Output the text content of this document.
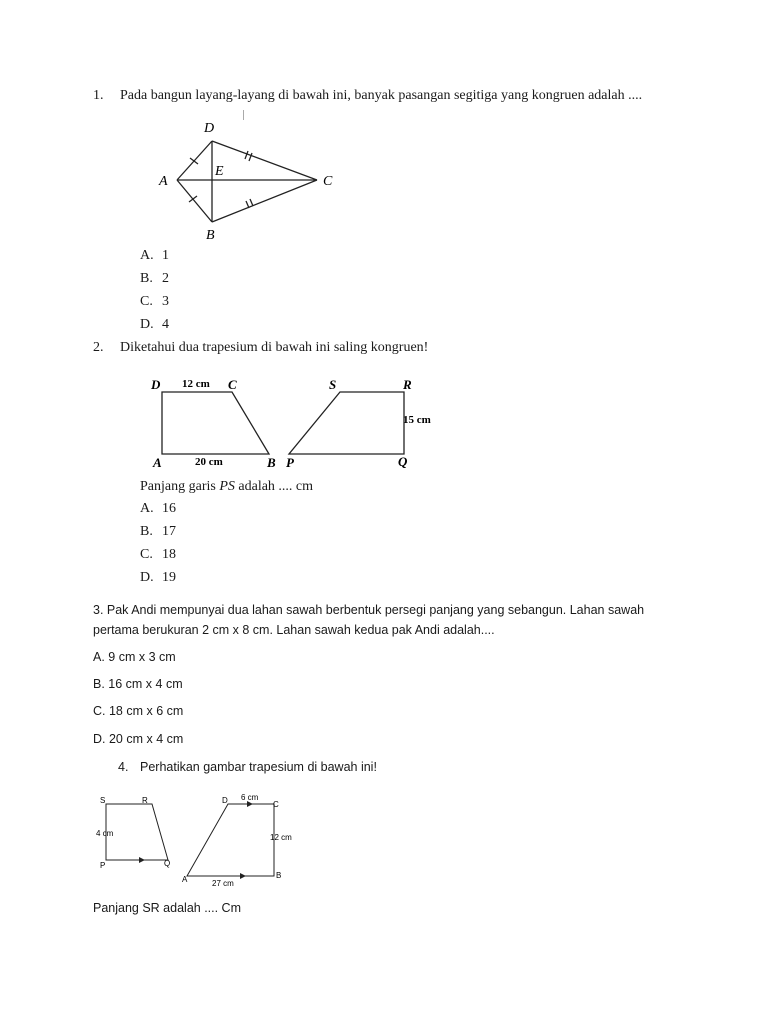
1. Pada bangun layang-layang di bawah ini, banyak pasangan segitiga yang kongruen adalah ....
D
A
E
C
B
A. 1
B. 2
C. 3
D. 4
2. Diketahui dua trapesium di bawah ini saling kongruen!
D 12 cm C
A	20 cm	B P
S	R
15 cm
Q
Panjang garis PS adalah .... cm
A. 16
B. 17
C. 18
D. 19
3. Pak Andi mempunyai dua lahan sawah berbentuk persegi panjang yang sebangun. Lahan sawah
pertama berukuran 2 cm x 8 cm. Lahan sawah kedua pak Andi adalah....
A. 9 cm x 3 cm
B. 16 cm x 4 cm
C. 18 cm x 6 cm
D. 20 cm x 4 cm
4. Perhatikan gambar trapesium di bawah ini!
S	R
4 cm
P	Q
D 6 cm
C
12 cm
A	27 cm
B
Panjang SR adalah .... Cm
